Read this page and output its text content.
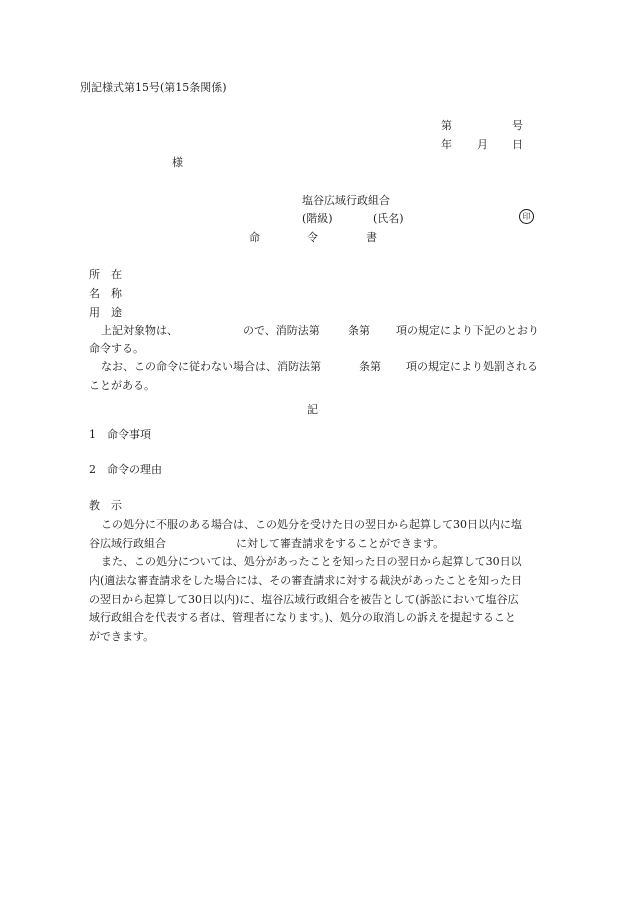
別記様式第15号(第15条関係)
第	号
年 月 日
様
塩谷広域行政組合
(階級)	(氏名)	印
命	令	書
所　在
名　称
用　途
上記対象物は、	ので、消防法第	条第 項の規定により下記のとおり
命令する。
なお、この命令に従わない場合は、消防法第	条第 項の規定により処罰される
ことがある。
記
1　命令事項
2　命令の理由
教　示
この処分に不服のある場合は、この処分を受けた日の翌日から起算して30日以内に塩
谷広域行政組合	に対して審査請求をすることができます。
また、この処分については、処分があったことを知った日の翌日から起算して30日以
内(適法な審査請求をした場合には、その審査請求に対する裁決があったことを知った日
の翌日から起算して30日以内)に、塩谷広域行政組合を被告として(訴訟において塩谷広
域行政組合を代表する者は、管理者になります。)、処分の取消しの訴えを提起すること
ができます。
